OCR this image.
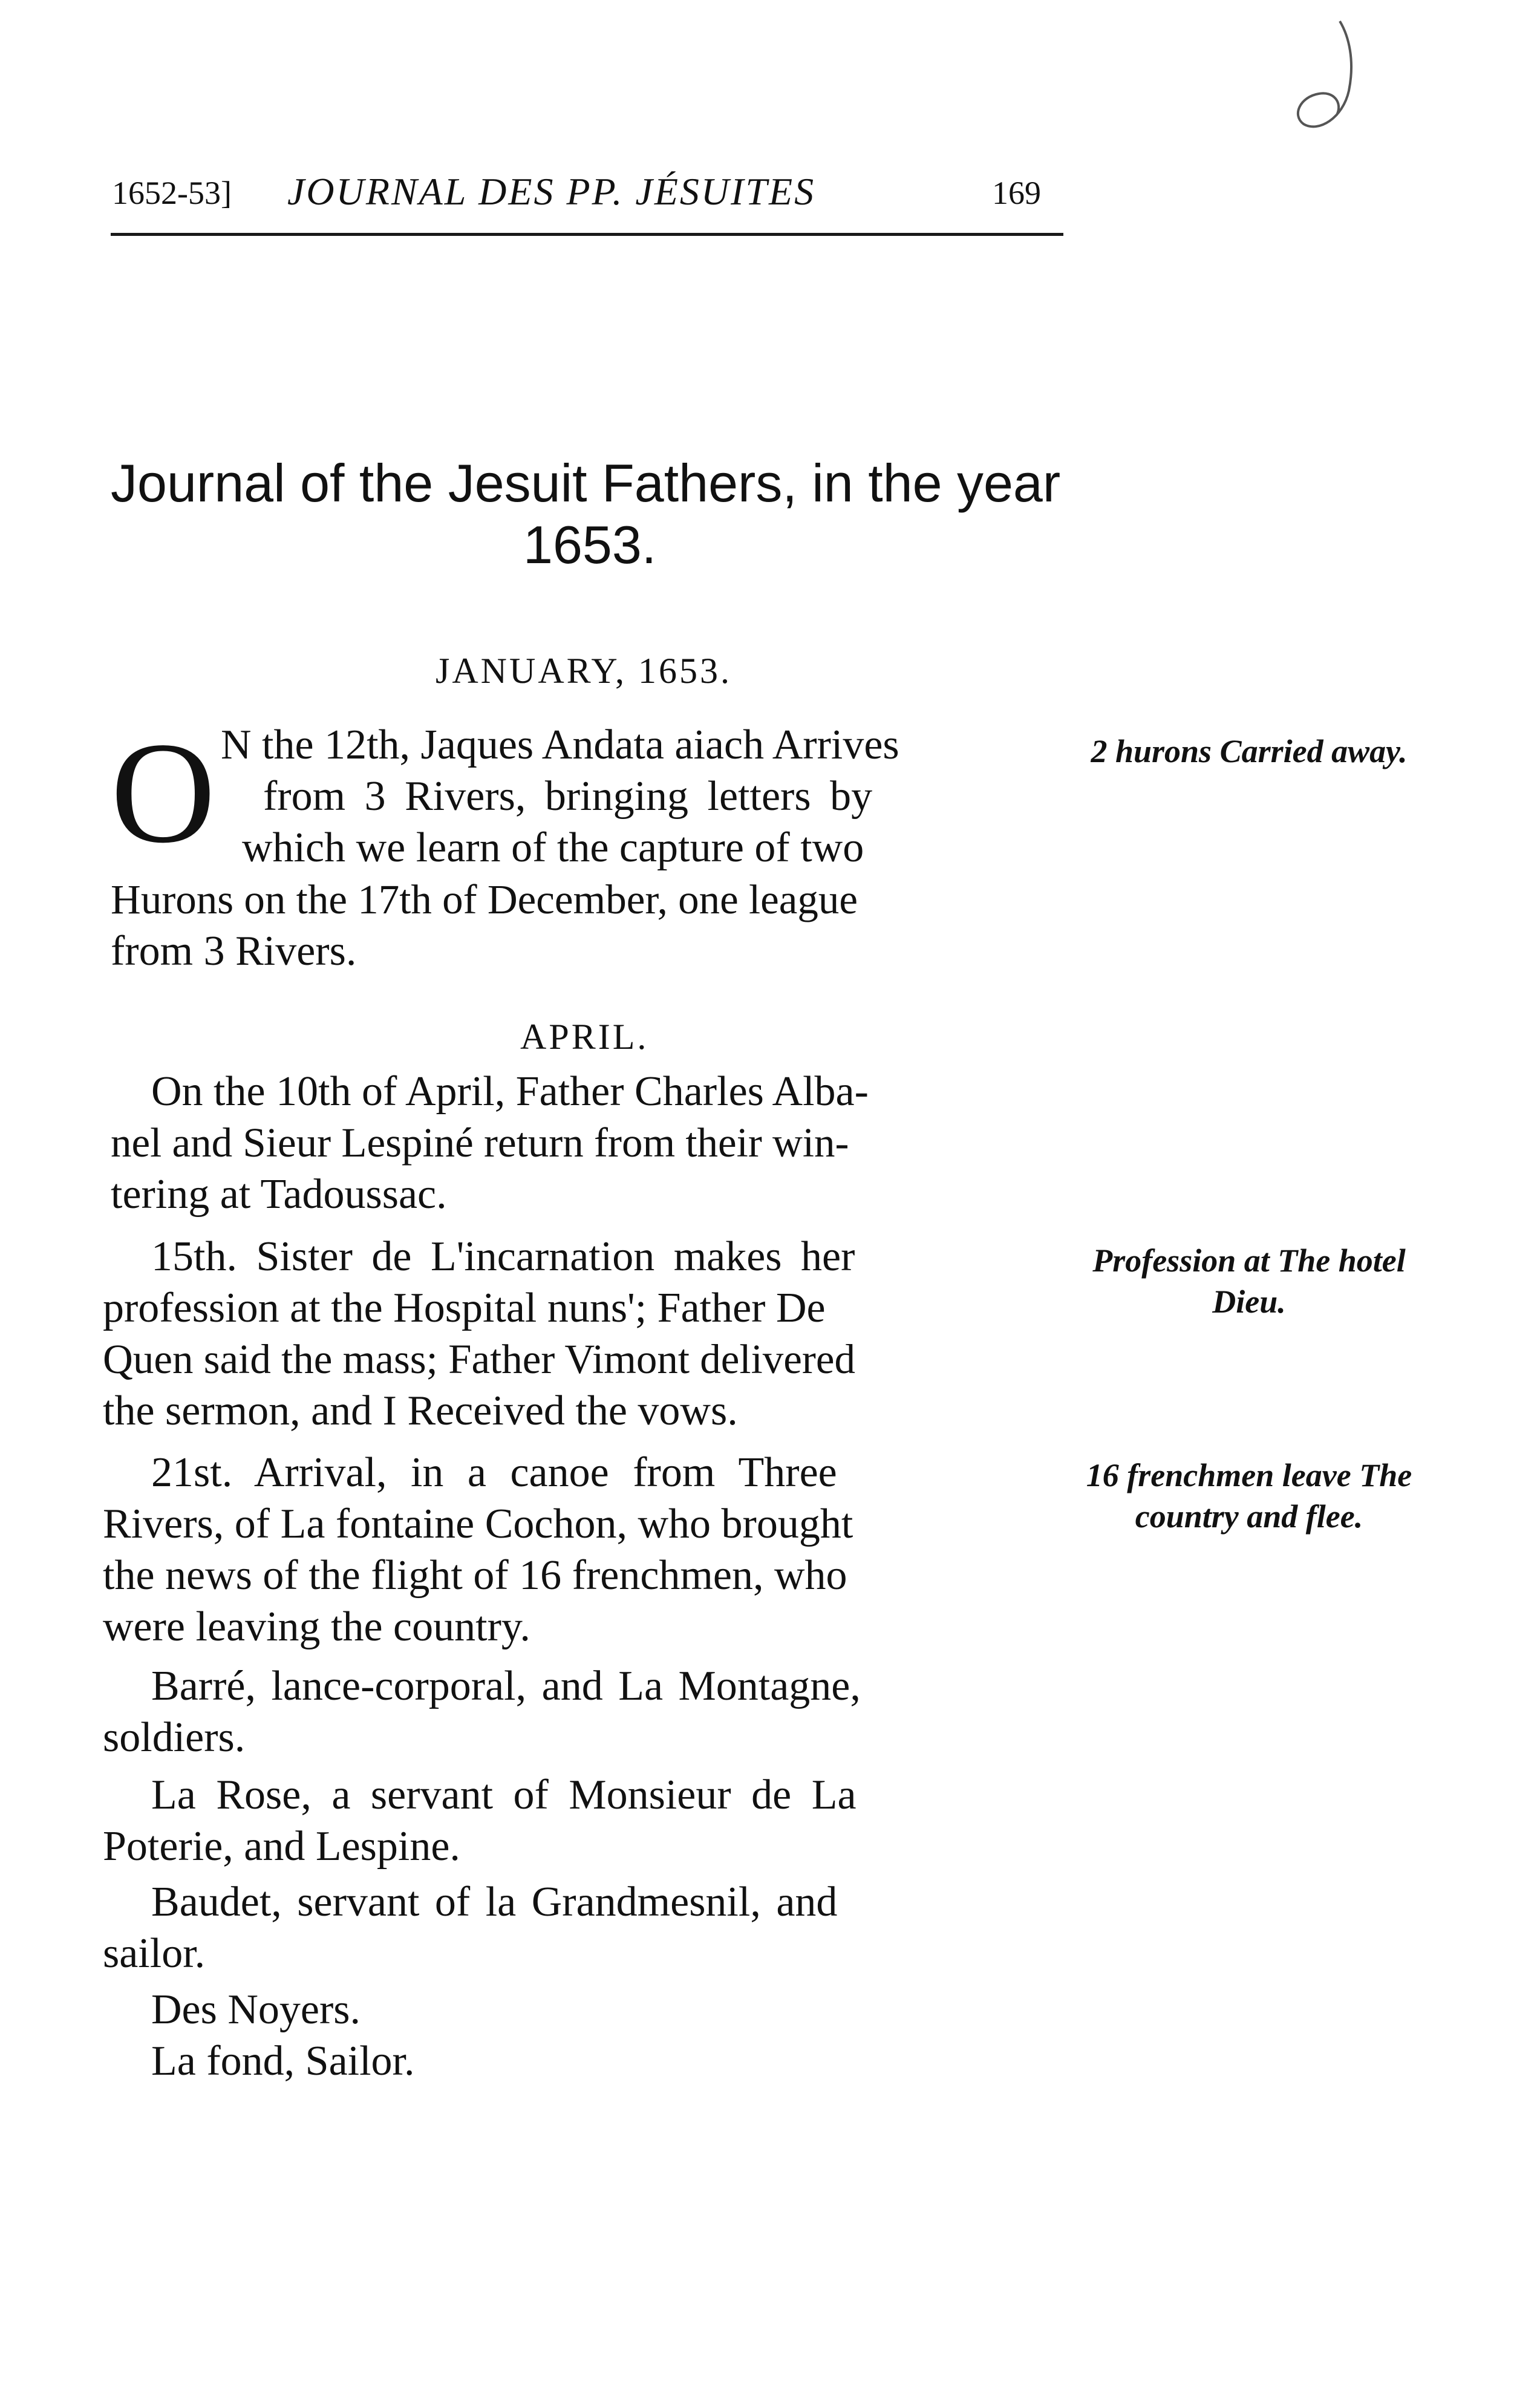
1652-53] JOURNAL DES PP. JÉSUITES	169
Journal of the Jesuit Fathers, in the year
1653.
JANUARY, 1653.
O N the 12th, Jaques Andata aiach Arrives
from 3 Rivers, bringing letters by
which we learn of the capture of two
Hurons on the 17th of December, one league
from 3 Rivers.
2 hurons Carried away.
APRIL.
On the 10th of April, Father Charles Alba-
nel and Sieur Lespiné return from their win-
tering at Tadoussac.
15th. Sister de L'incarnation makes her
profession at the Hospital nuns'; Father De
Quen said the mass; Father Vimont delivered
the sermon, and I Received the vows.
Profession at The hotel Dieu.
21st. Arrival, in a canoe from Three
Rivers, of La fontaine Cochon, who brought
the news of the flight of 16 frenchmen, who
were leaving the country.
16 frenchmen leave The country and flee.
Barré, lance-corporal, and La Montagne,
soldiers.
La Rose, a servant of Monsieur de La
Poterie, and Lespine.
Baudet, servant of la Grandmesnil, and
sailor.
Des Noyers.
La fond, Sailor.
